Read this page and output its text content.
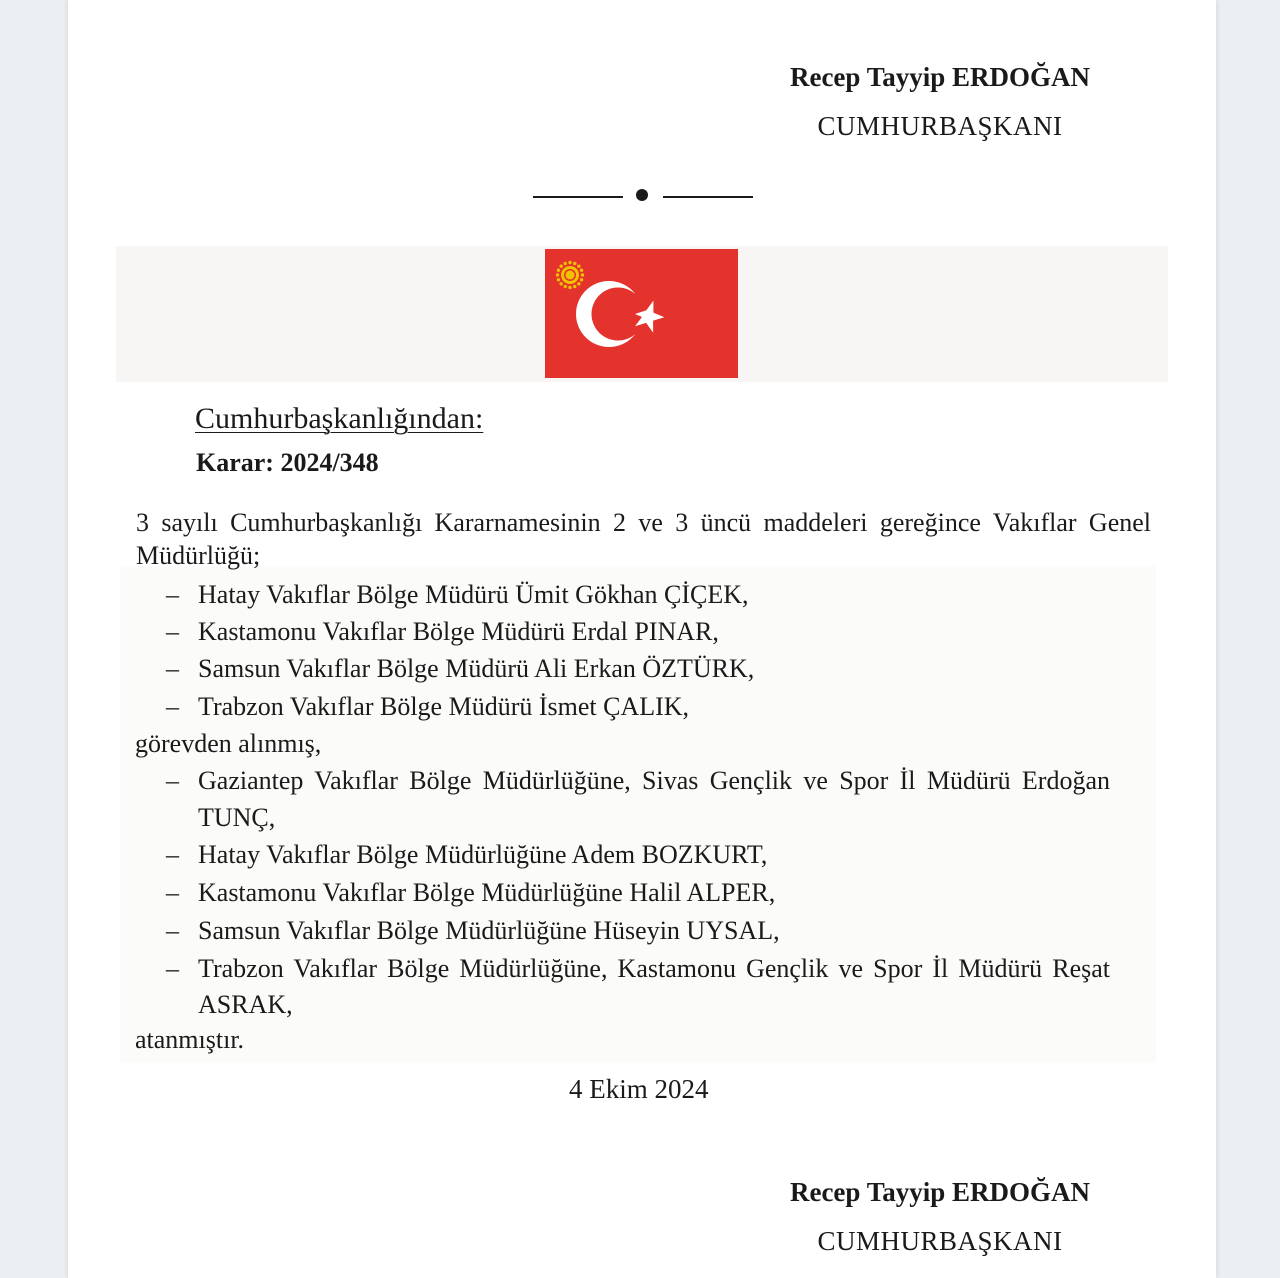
Recep Tayyip ERDOĞAN
CUMHURBAŞKANI
Cumhurbaşkanlığından:
Karar: 2024/348
3 sayılı Cumhurbaşkanlığı Kararnamesinin 2 ve 3 üncü maddeleri gereğince Vakıflar Genel
Müdürlüğü;
– Hatay Vakıflar Bölge Müdürü Ümit Gökhan ÇİÇEK,
– Kastamonu Vakıflar Bölge Müdürü Erdal PINAR,
– Samsun Vakıflar Bölge Müdürü Ali Erkan ÖZTÜRK,
– Trabzon Vakıflar Bölge Müdürü İsmet ÇALIK,
görevden alınmış,
– Gaziantep Vakıflar Bölge Müdürlüğüne, Sivas Gençlik ve Spor İl Müdürü Erdoğan
TUNÇ,
– Hatay Vakıflar Bölge Müdürlüğüne Adem BOZKURT,
– Kastamonu Vakıflar Bölge Müdürlüğüne Halil ALPER,
– Samsun Vakıflar Bölge Müdürlüğüne Hüseyin UYSAL,
– Trabzon Vakıflar Bölge Müdürlüğüne, Kastamonu Gençlik ve Spor İl Müdürü Reşat
ASRAK,
atanmıştır.
4 Ekim 2024
Recep Tayyip ERDOĞAN
CUMHURBAŞKANI
